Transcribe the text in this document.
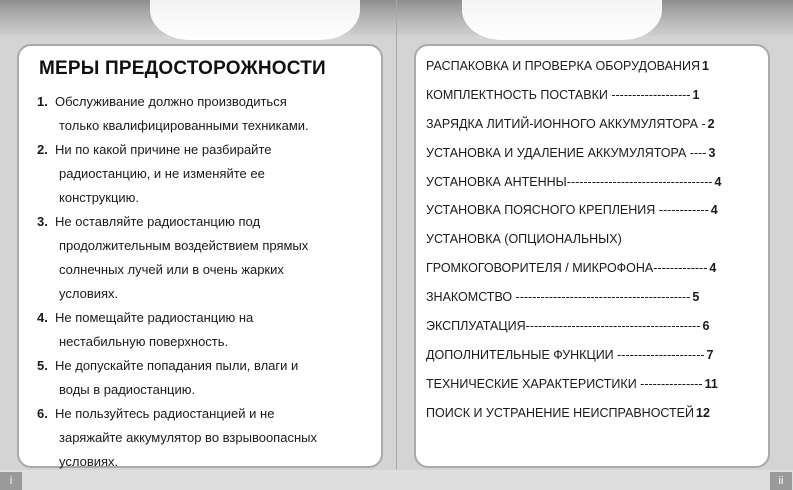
МЕРЫ ПРЕДОСТОРОЖНОСТИ
1. Обслуживание должно производиться
только квалифицированными техниками.
2. Ни по какой причине не разбирайте
радиостанцию, и не изменяйте ее
конструкцию.
3. Не оставляйте радиостанцию под
продолжительным воздействием прямых
солнечных лучей или в очень жарких
условиях.
4. Не помещайте радиостанцию на
нестабильную поверхность.
5. Не допускайте попадания пыли, влаги и
воды в радиостанцию.
6. Не пользуйтесь радиостанцией и не
заряжайте аккумулятор во взрывоопасных
условиях.
РАСПАКОВКА И ПРОВЕРКА ОБОРУДОВАНИЯ 1
КОМПЛЕКТНОСТЬ ПОСТАВКИ ------------------- 1
ЗАРЯДКА ЛИТИЙ-ИОННОГО АККУМУЛЯТОРА - 2
УСТАНОВКА И УДАЛЕНИЕ АККУМУЛЯТОРА ---- 3
УСТАНОВКА АНТЕННЫ----------------------------------- 4
УСТАНОВКА ПОЯСНОГО КРЕПЛЕНИЯ ------------ 4
УСТАНОВКА (ОПЦИОНАЛЬНЫХ)
ГРОМКОГОВОРИТЕЛЯ / МИКРОФОНА------------- 4
ЗНАКОМСТВО ------------------------------------------ 5
ЭКСПЛУАТАЦИЯ------------------------------------------ 6
ДОПОЛНИТЕЛЬНЫЕ ФУНКЦИИ --------------------- 7
ТЕХНИЧЕСКИЕ ХАРАКТЕРИСТИКИ --------------- 11
ПОИСК И УСТРАНЕНИЕ НЕИСПРАВНОСТЕЙ 12
i	ii
